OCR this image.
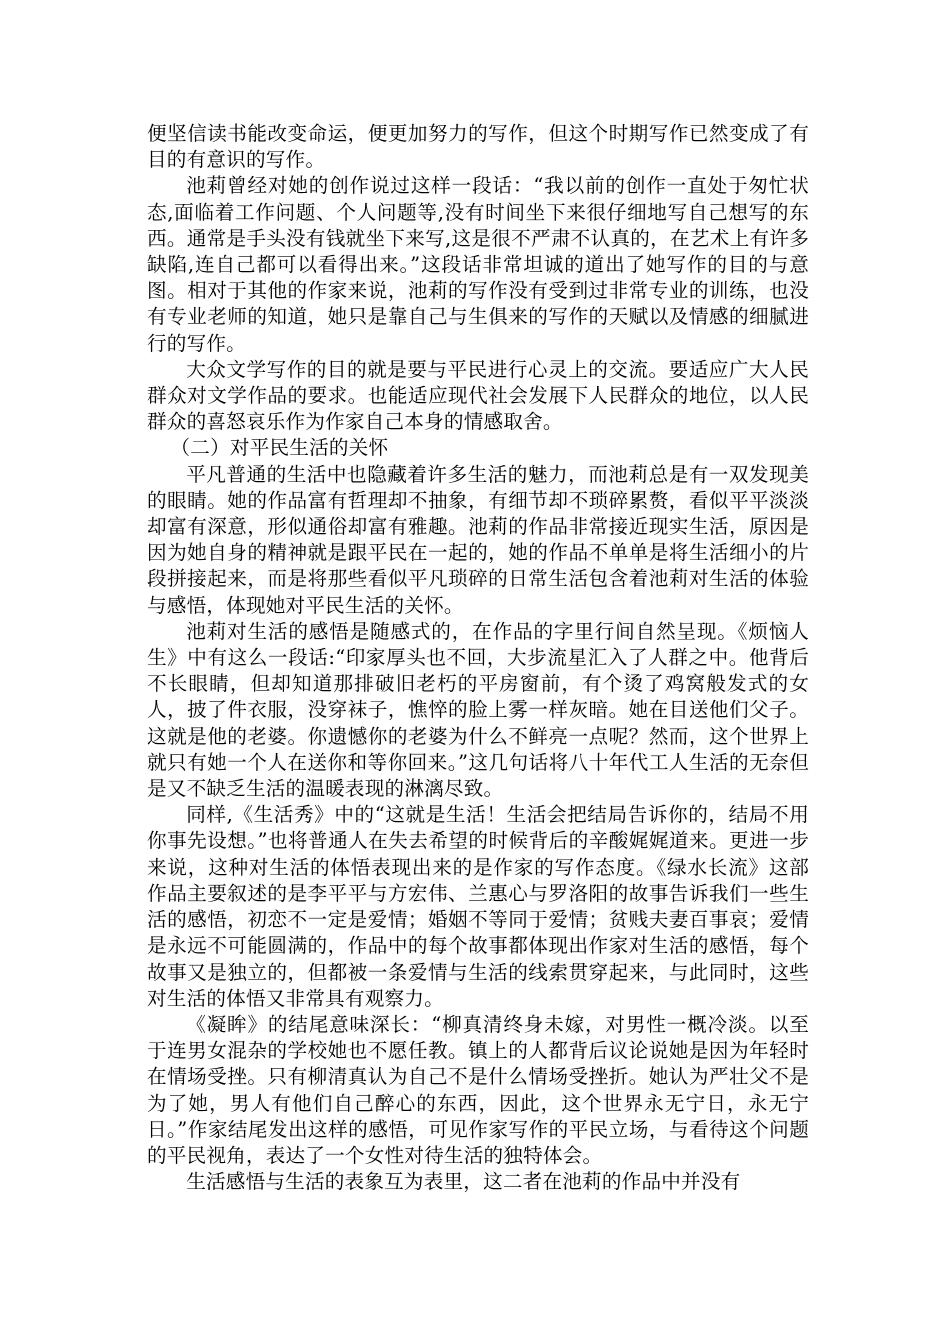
便坚信读书能改变命运，便更加努力的写作，但这个时期写作已然变成了有目的有意识的写作。

池莉曾经对她的创作说过这样一段话：“我以前的创作一直处于匆忙状态,面临着工作问题、个人问题等,没有时间坐下来很仔细地写自己想写的东西。通常是手头没有钱就坐下来写,这是很不严肃不认真的，在艺术上有许多缺陷,连自己都可以看得出来。”这段话非常坦诚的道出了她写作的目的与意图。相对于其他的作家来说，池莉的写作没有受到过非常专业的训练，也没有专业老师的知道，她只是靠自己与生俱来的写作的天赋以及情感的细腻进行的写作。

大众文学写作的目的就是要与平民进行心灵上的交流。要适应广大人民群众对文学作品的要求。也能适应现代社会发展下人民群众的地位，以人民群众的喜怒哀乐作为作家自己本身的情感取舍。

（二）对平民生活的关怀

平凡普通的生活中也隐藏着许多生活的魅力，而池莉总是有一双发现美的眼睛。她的作品富有哲理却不抽象，有细节却不琐碎累赘，看似平平淡淡却富有深意，形似通俗却富有雅趣。池莉的作品非常接近现实生活，原因是因为她自身的精神就是跟平民在一起的，她的作品不单单是将生活细小的片段拼接起来，而是将那些看似平凡琐碎的日常生活包含着池莉对生活的体验与感悟，体现她对平民生活的关怀。

池莉对生活的感悟是随感式的，在作品的字里行间自然呈现。《烦恼人生》中有这么一段话:“印家厚头也不回，大步流星汇入了人群之中。他背后不长眼睛，但却知道那排破旧老朽的平房窗前，有个烫了鸡窝般发式的女人，披了件衣服，没穿袜子，憔悴的脸上雾一样灰暗。她在目送他们父子。这就是他的老婆。你遗憾你的老婆为什么不鲜亮一点呢？然而，这个世界上就只有她一个人在送你和等你回来。”这几句话将八十年代工人生活的无奈但是又不缺乏生活的温暖表现的淋漓尽致。

同样,《生活秀》中的“这就是生活！生活会把结局告诉你的，结局不用你事先设想。”也将普通人在失去希望的时候背后的辛酸娓娓道来。更进一步来说，这种对生活的体悟表现出来的是作家的写作态度。《绿水长流》这部作品主要叙述的是李平平与方宏伟、兰惠心与罗洛阳的故事告诉我们一些生活的感悟，初恋不一定是爱情；婚姻不等同于爱情；贫贱夫妻百事哀；爱情是永远不可能圆满的，作品中的每个故事都体现出作家对生活的感悟，每个故事又是独立的，但都被一条爱情与生活的线索贯穿起来，与此同时，这些对生活的体悟又非常具有观察力。

《凝眸》的结尾意味深长：“柳真清终身未嫁，对男性一概冷淡。以至于连男女混杂的学校她也不愿任教。镇上的人都背后议论说她是因为年轻时在情场受挫。只有柳清真认为自己不是什么情场受挫折。她认为严壮父不是为了她，男人有他们自己醉心的东西，因此，这个世界永无宁日，永无宁日。”作家结尾发出这样的感悟，可见作家写作的平民立场，与看待这个问题的平民视角，表达了一个女性对待生活的独特体会。

生活感悟与生活的表象互为表里，这二者在池莉的作品中并没有
